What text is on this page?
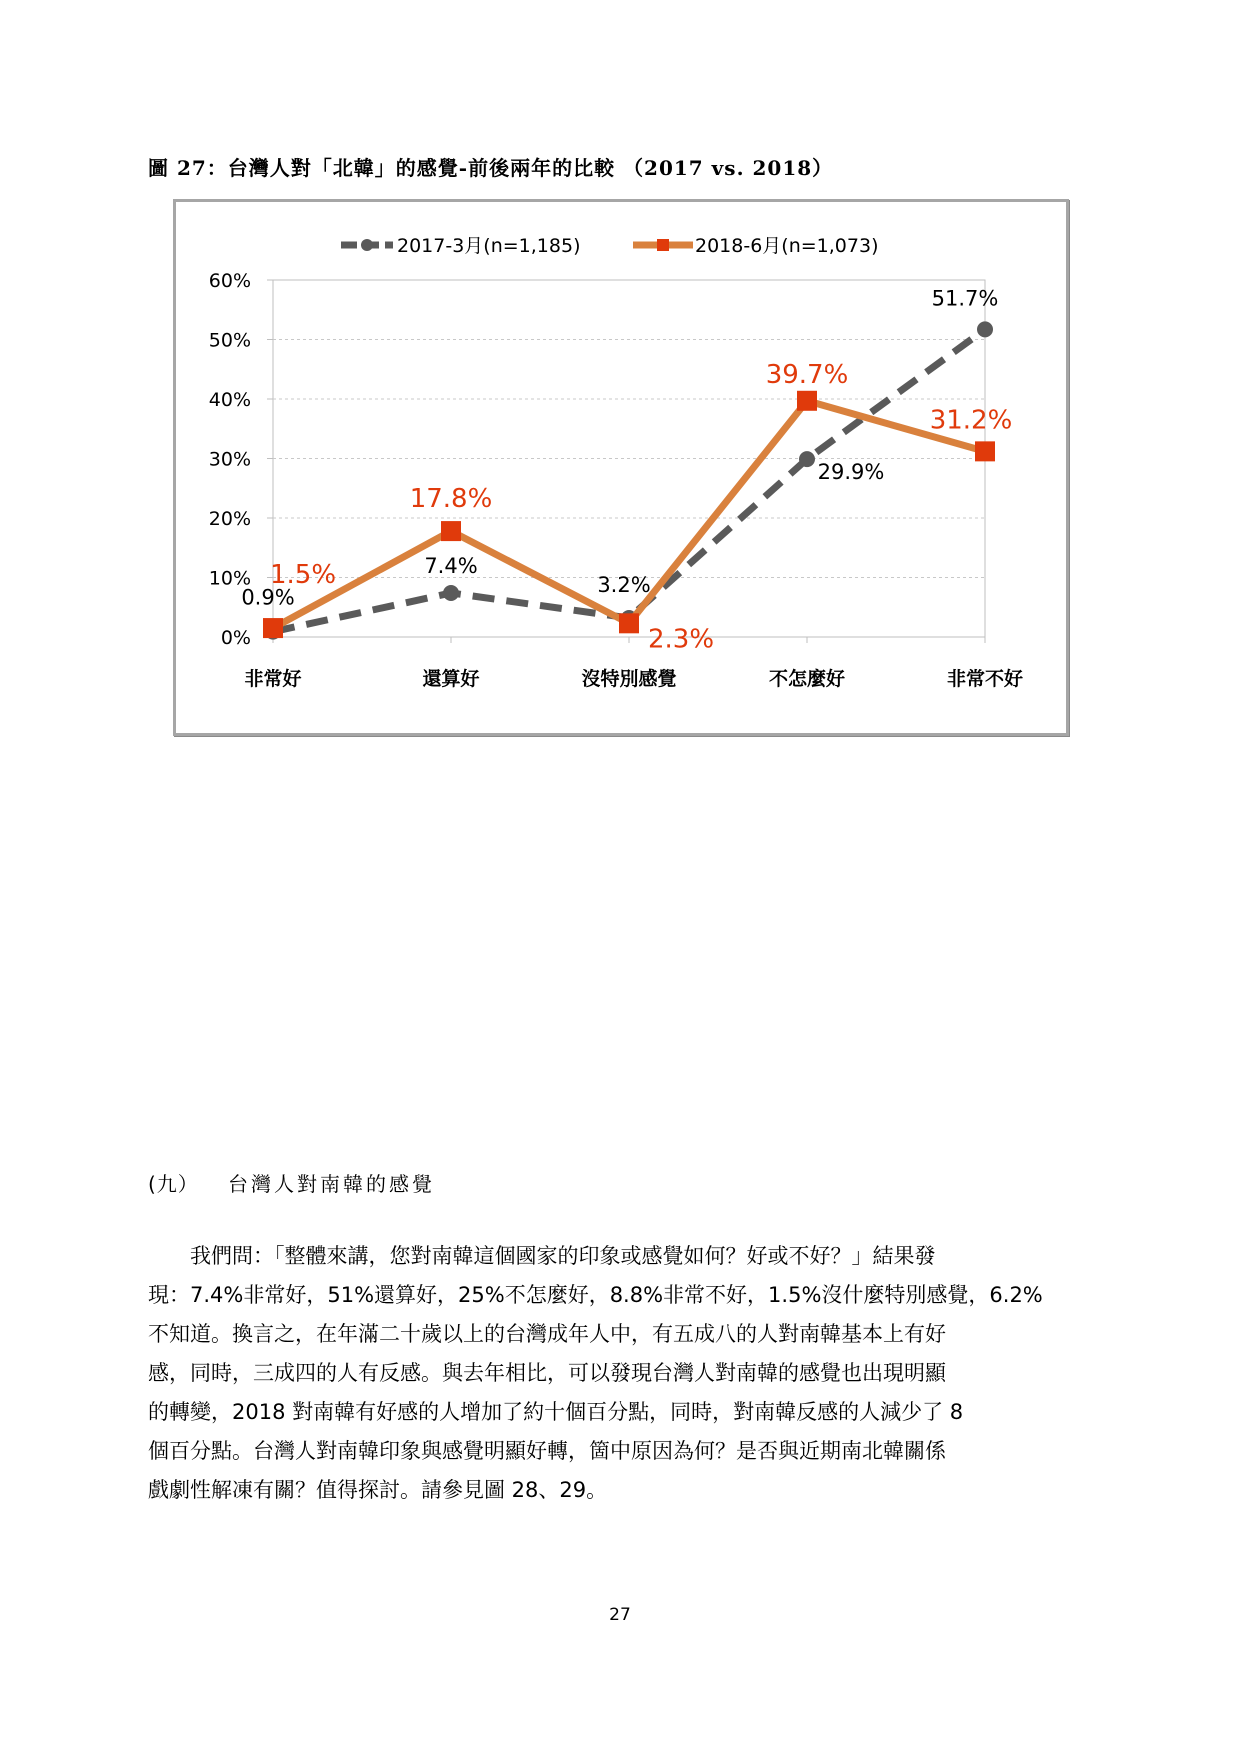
圖 27：台灣人對「北韓」的感覺-前後兩年的比較 （2017 vs. 2018）
0%
10%
20%
30%
40%
50%
60%
非常好	還算好	沒特別感覺	不怎麼好	非常不好
0.9%
7.4%
3.2%
29.9%
51.7%
1.5%
17.8%
2.3%
39.7%
31.2%
2017-3月(n=1,185)	2018-6月(n=1,073)
(九） 台灣人對南韓的感覺
　　我們問：「整體來講，您對南韓這個國家的印象或感覺如何？好或不好？」結果發
現：7.4%非常好，51%還算好，25%不怎麼好，8.8%非常不好，1.5%沒什麼特別感覺，6.2%
不知道。換言之，在年滿二十歲以上的台灣成年人中，有五成八的人對南韓基本上有好
感，同時，三成四的人有反感。與去年相比，可以發現台灣人對南韓的感覺也出現明顯
的轉變，2018 對南韓有好感的人增加了約十個百分點，同時，對南韓反感的人減少了 8
個百分點。台灣人對南韓印象與感覺明顯好轉，箇中原因為何？是否與近期南北韓關係
戲劇性解凍有關？值得探討。請參見圖 28、29。
27
